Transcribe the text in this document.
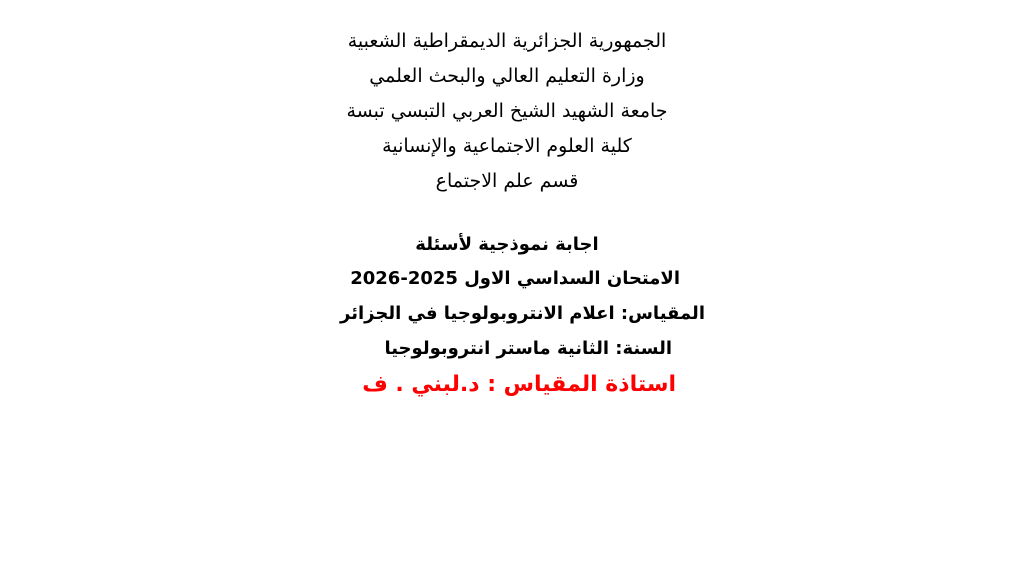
الجمهورية الجزائرية الديمقراطية الشعبية
وزارة التعليم العالي والبحث العلمي
جامعة الشهيد الشيخ العربي التبسي تبسة
كلية العلوم الاجتماعية والإنسانية
قسم علم الاجتماع
اجابة نموذجية لأسئلة
الامتحان السداسي الاول 2025-2026
المقياس: اعلام الانتروبولوجيا في الجزائر
السنة: الثانية ماستر انتروبولوجيا
استاذة المقياس : د.لبني . ف
